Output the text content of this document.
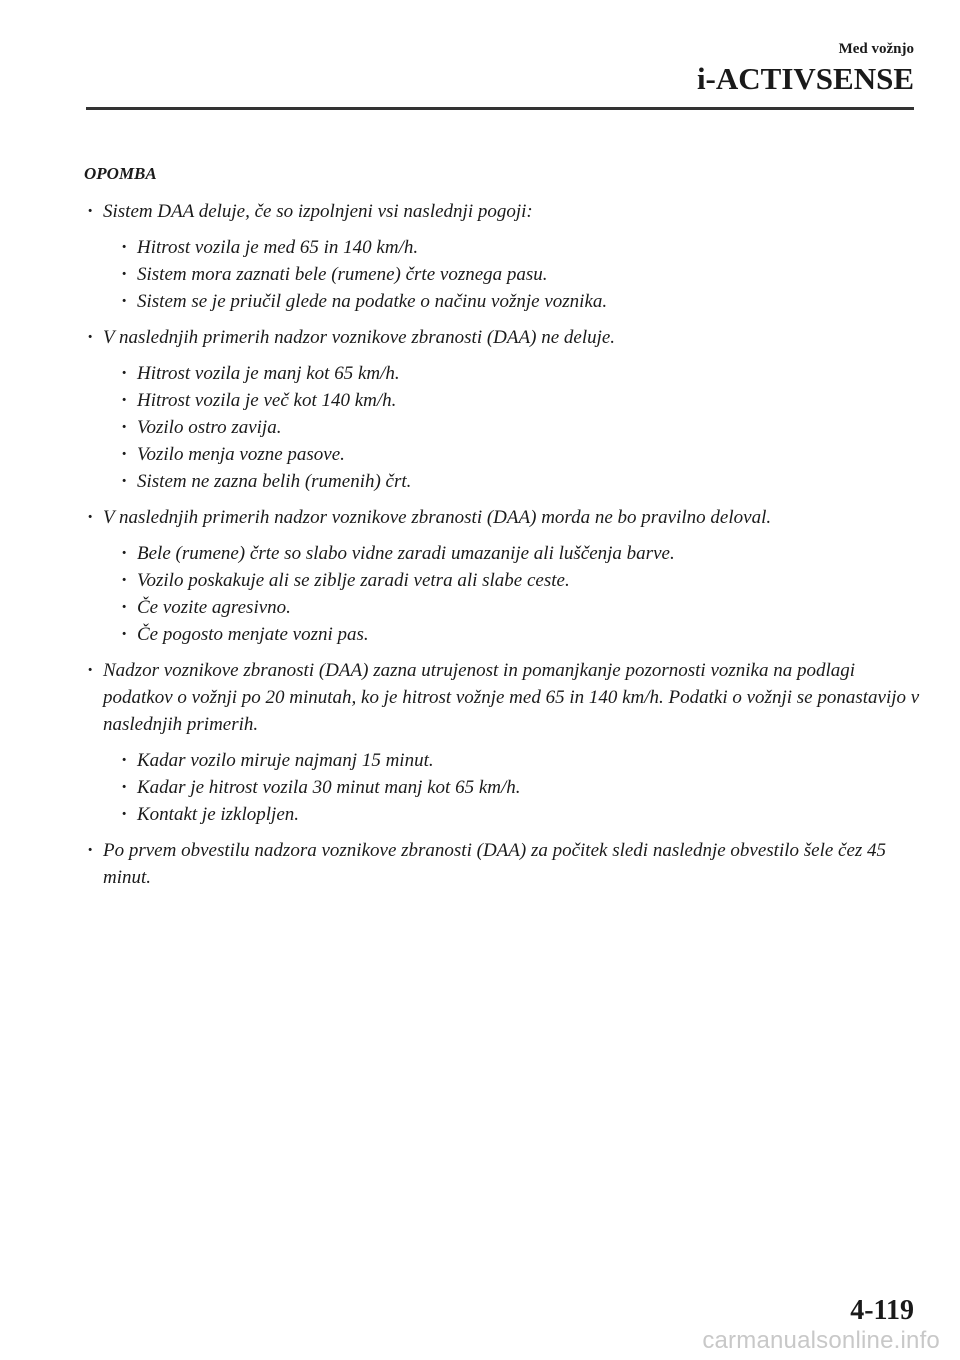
Med vožnjo
i-ACTIVSENSE
OPOMBA
· Sistem DAA deluje, če so izpolnjeni vsi naslednji pogoji:
· Hitrost vozila je med 65 in 140 km/h.
· Sistem mora zaznati bele (rumene) črte voznega pasu.
· Sistem se je priučil glede na podatke o načinu vožnje voznika.
· V naslednjih primerih nadzor voznikove zbranosti (DAA) ne deluje.
· Hitrost vozila je manj kot 65 km/h.
· Hitrost vozila je več kot 140 km/h.
· Vozilo ostro zavija.
· Vozilo menja vozne pasove.
· Sistem ne zazna belih (rumenih) črt.
· V naslednjih primerih nadzor voznikove zbranosti (DAA) morda ne bo pravilno deloval.
· Bele (rumene) črte so slabo vidne zaradi umazanije ali luščenja barve.
· Vozilo poskakuje ali se ziblje zaradi vetra ali slabe ceste.
· Če vozite agresivno.
· Če pogosto menjate vozni pas.
· Nadzor voznikove zbranosti (DAA) zazna utrujenost in pomanjkanje pozornosti voznika na podlagi podatkov o vožnji po 20 minutah, ko je hitrost vožnje med 65 in 140 km/h. Podatki o vožnji se ponastavijo v naslednjih primerih.
· Kadar vozilo miruje najmanj 15 minut.
· Kadar je hitrost vozila 30 minut manj kot 65 km/h.
· Kontakt je izklopljen.
· Po prvem obvestilu nadzora voznikove zbranosti (DAA) za počitek sledi naslednje obvestilo šele čez 45 minut.
4-119
carmanualsonline.info
